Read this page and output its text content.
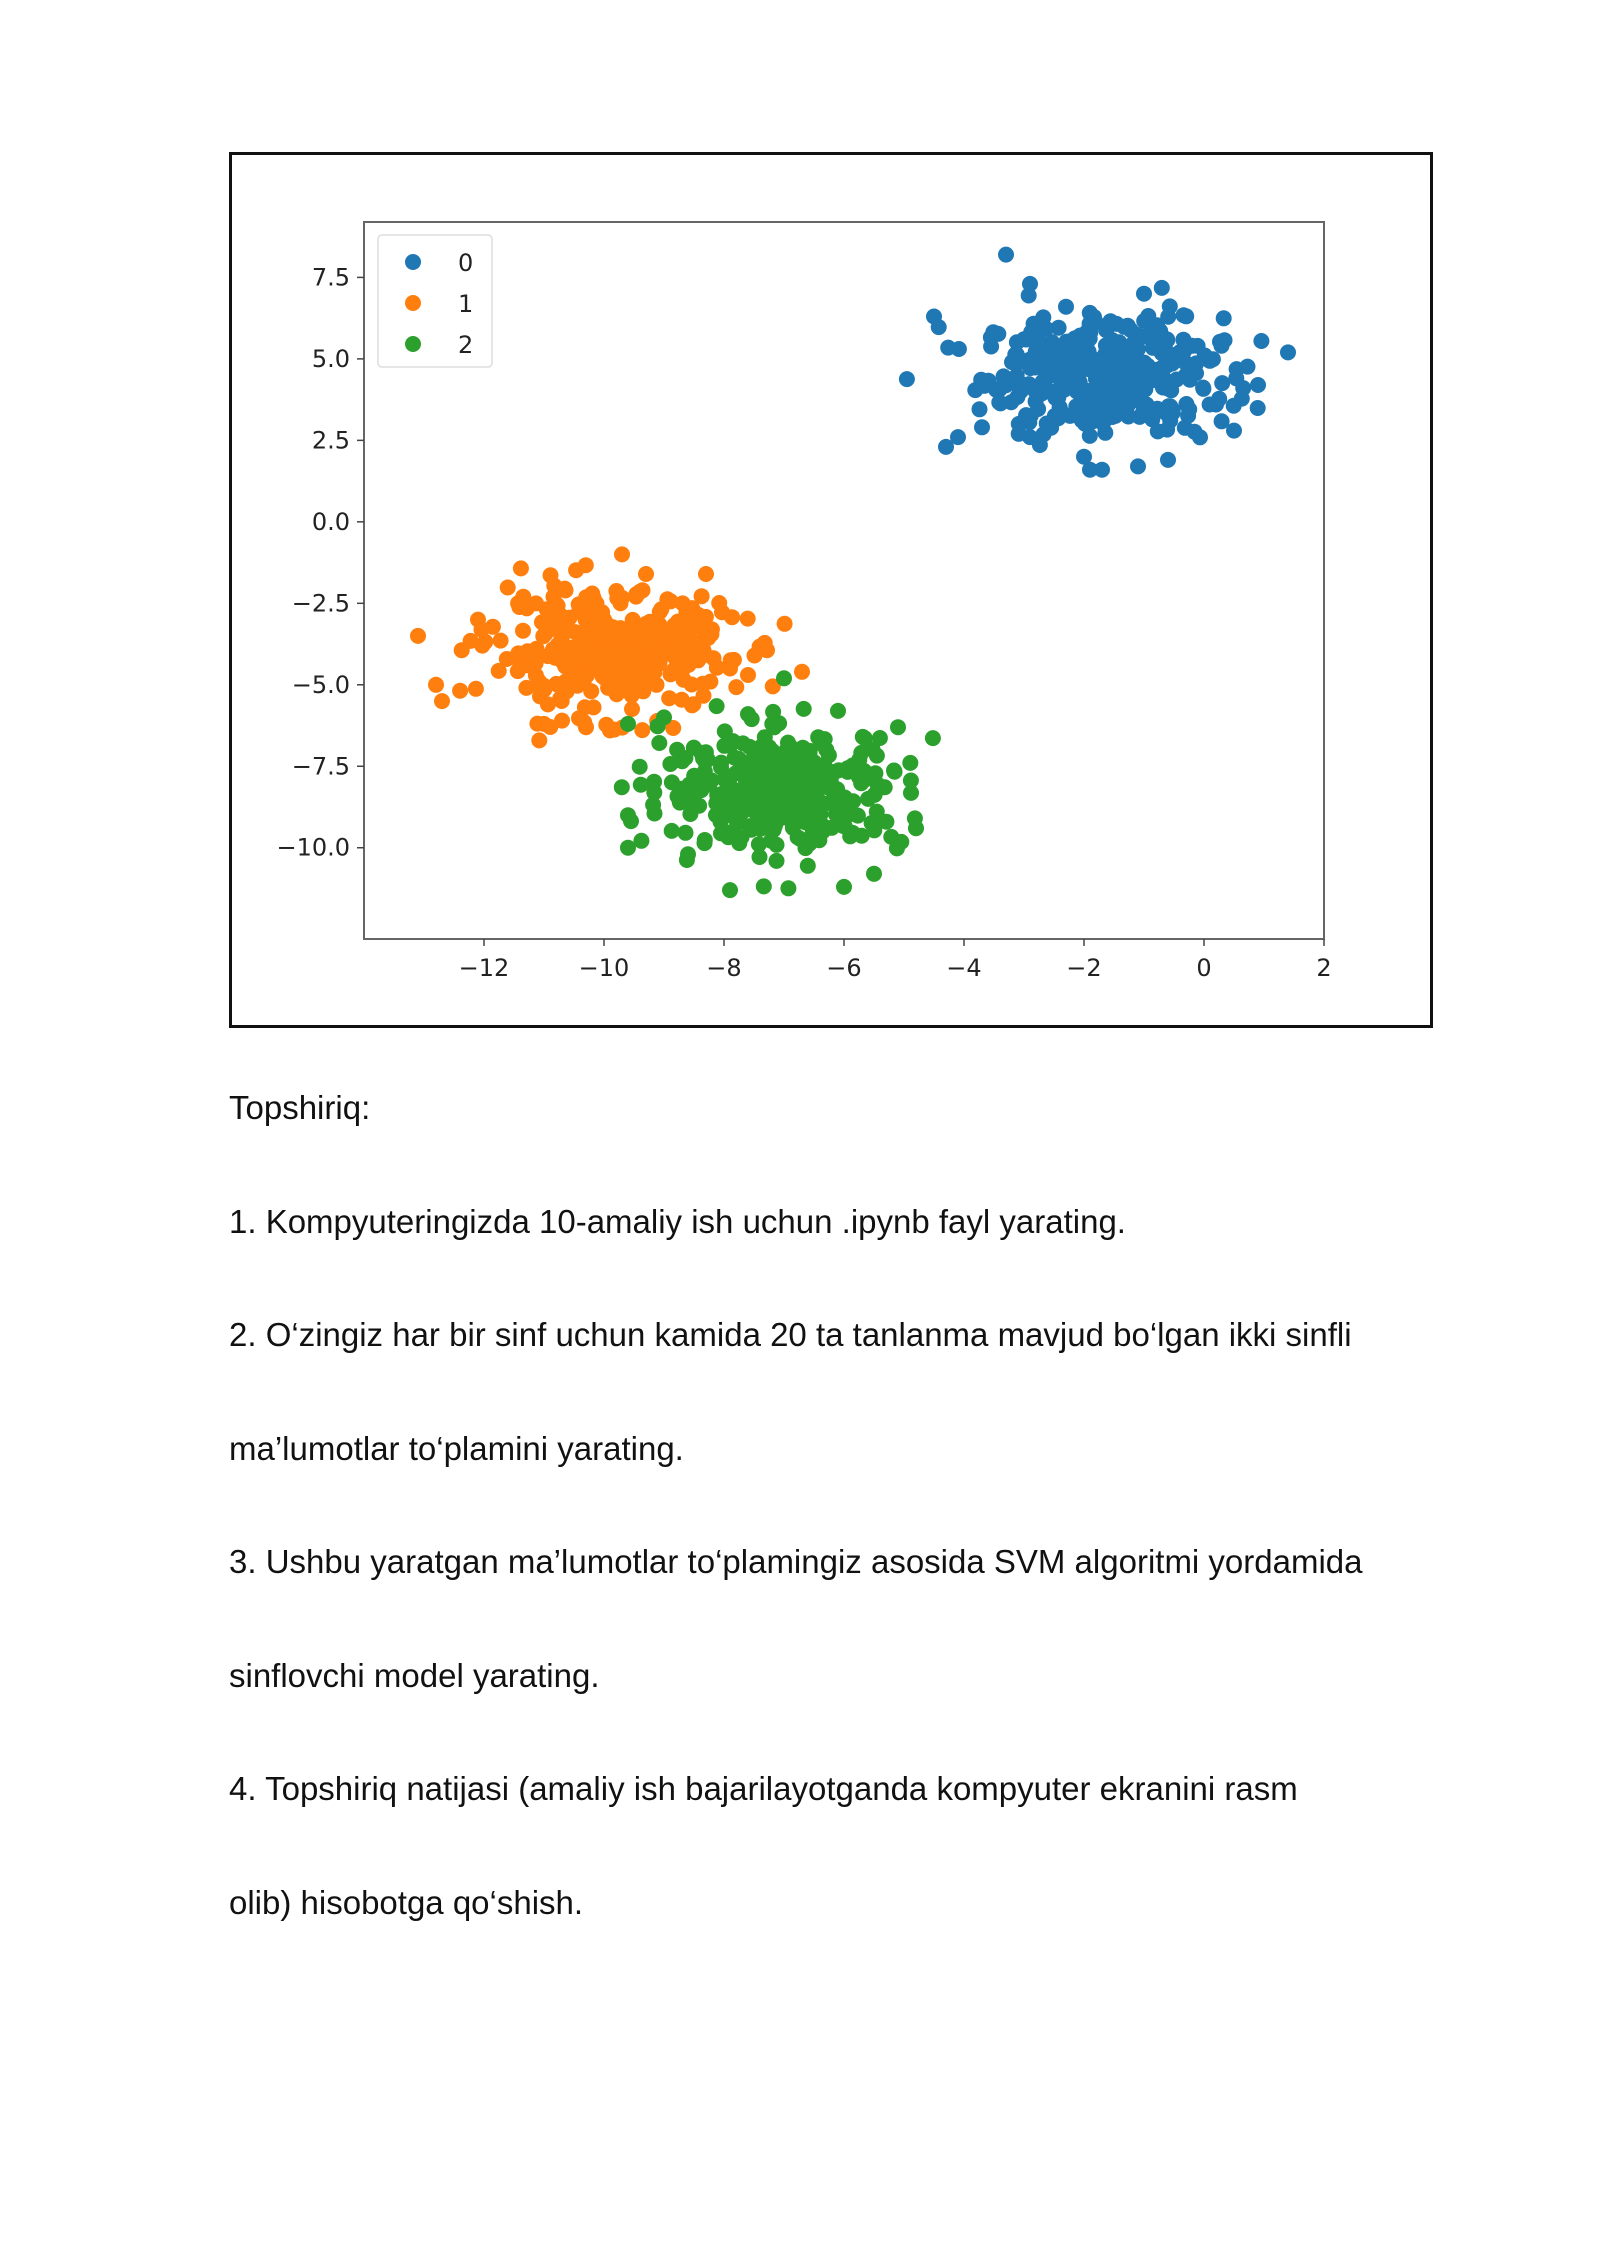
−12	−10	−8	−6	−4	−2	0	2
7.5
5.0
2.5
0.0
−2.5
−5.0
−7.5
−10.0
0
1
2

Topshiriq:

1. Kompyuteringizda 10-amaliy ish uchun .ipynb fayl yarating.

2. O‘zingiz har bir sinf uchun kamida 20 ta tanlanma mavjud bo‘lgan ikki sinfli

ma’lumotlar to‘plamini yarating.

3. Ushbu yaratgan ma’lumotlar to‘plamingiz asosida SVM algoritmi yordamida

sinflovchi model yarating.

4. Topshiriq natijasi (amaliy ish bajarilayotganda kompyuter ekranini rasm

olib) hisobotga qo‘shish.
